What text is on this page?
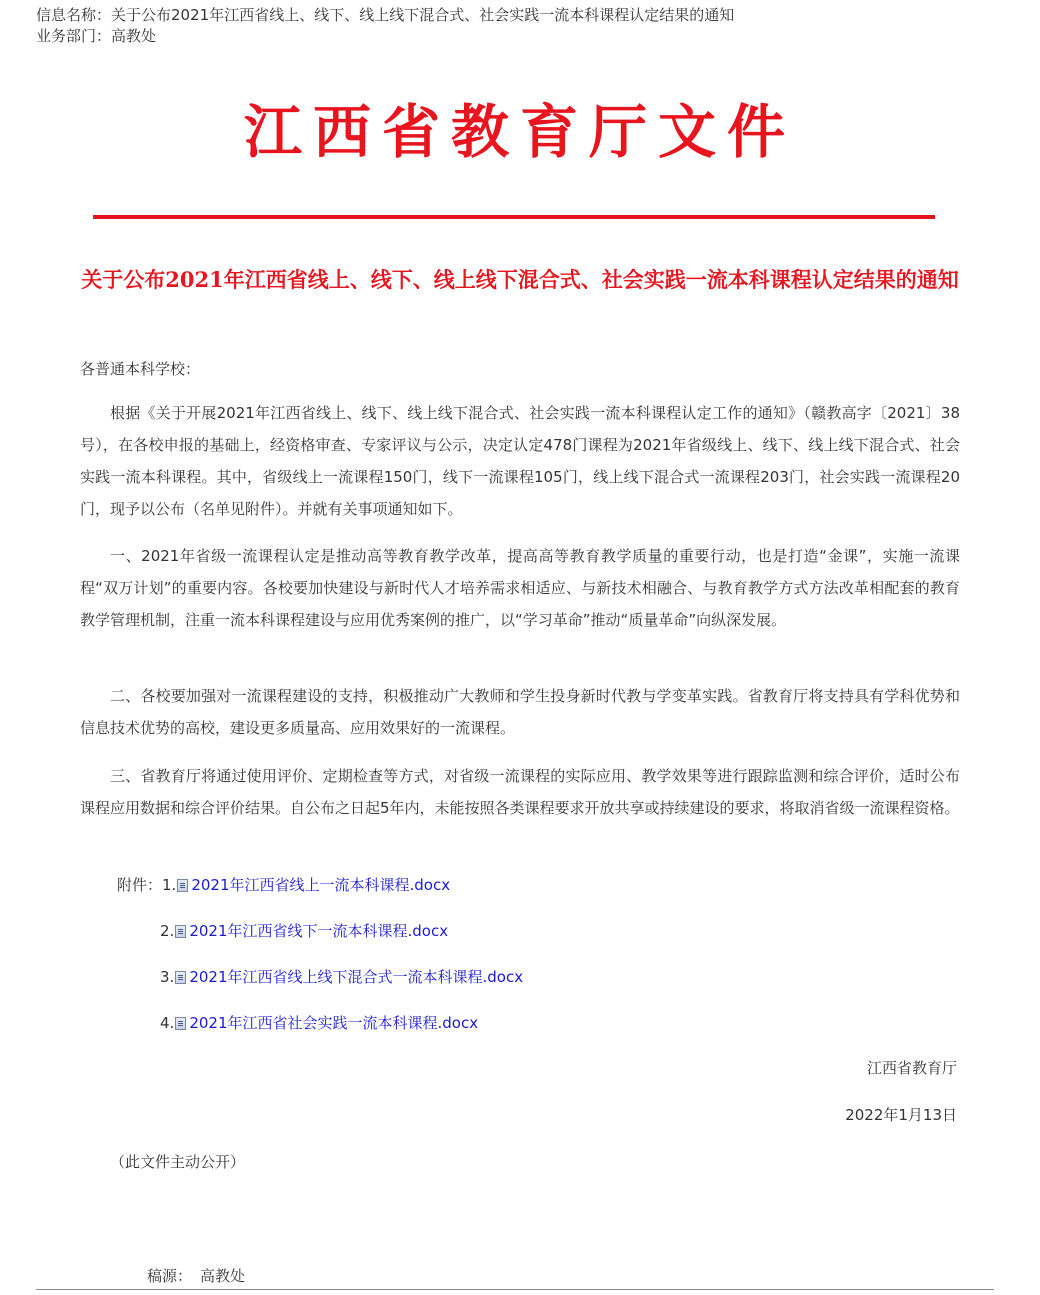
信息名称：关于公布2021年江西省线上、线下、线上线下混合式、社会实践一流本科课程认定结果的通知
业务部门：高教处
江西省教育厅文件
关于公布2021年江西省线上、线下、线上线下混合式、社会实践一流本科课程认定结果的通知
各普通本科学校：

根据《关于开展2021年江西省线上、线下、线上线下混合式、社会实践一流本科课程认定工作的通知》（赣教高字〔2021〕38号），在各校申报的基础上，经资格审查、专家评议与公示，决定认定478门课程为2021年省级线上、线下、线上线下混合式、社会实践一流本科课程。其中，省级线上一流课程150门，线下一流课程105门，线上线下混合式一流课程203门，社会实践一流课程20门，现予以公布（名单见附件）。并就有关事项通知如下。

一、2021年省级一流课程认定是推动高等教育教学改革，提高高等教育教学质量的重要行动，也是打造“金课”，实施一流课程“双万计划”的重要内容。各校要加快建设与新时代人才培养需求相适应、与新技术相融合、与教育教学方式方法改革相配套的教育教学管理机制，注重一流本科课程建设与应用优秀案例的推广，以“学习革命”推动“质量革命”向纵深发展。

二、各校要加强对一流课程建设的支持，积极推动广大教师和学生投身新时代教与学变革实践。省教育厅将支持具有学科优势和信息技术优势的高校，建设更多质量高、应用效果好的一流课程。

三、省教育厅将通过使用评价、定期检查等方式，对省级一流课程的实际应用、教学效果等进行跟踪监测和综合评价，适时公布课程应用数据和综合评价结果。自公布之日起5年内，未能按照各类课程要求开放共享或持续建设的要求，将取消省级一流课程资格。

附件：1. 2021年江西省线上一流本科课程.docx
2. 2021年江西省线下一流本科课程.docx
3. 2021年江西省线上线下混合式一流本科课程.docx
4. 2021年江西省社会实践一流本科课程.docx
江西省教育厅
2022年1月13日
（此文件主动公开）
稿源： 高教处
